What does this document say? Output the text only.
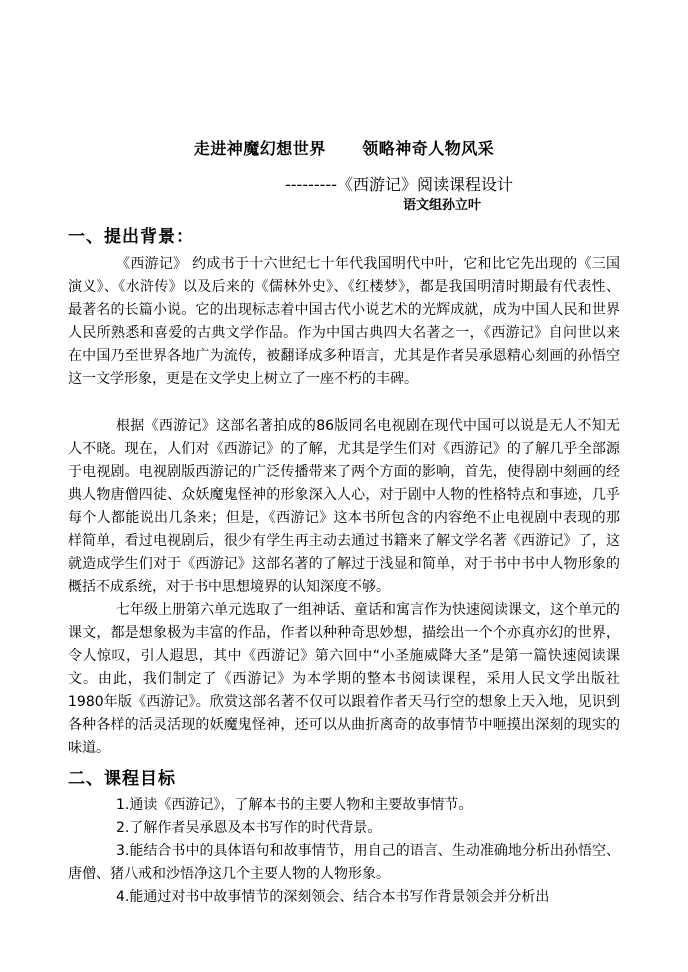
走进神魔幻想世界      领略神奇人物风采
---------《西游记》阅读课程设计
语文组孙立叶
一、提出背景：

《西游记》 约成书于十六世纪七十年代我国明代中叶，它和比它先出现的《三国演义》、《水浒传》以及后来的《儒林外史》、《红楼梦》，都是我国明清时期最有代表性、最著名的长篇小说。它的出现标志着中国古代小说艺术的光辉成就，成为中国人民和世界人民所熟悉和喜爱的古典文学作品。作为中国古典四大名著之一，《西游记》自问世以来在中国乃至世界各地广为流传，被翻译成多种语言，尤其是作者吴承恩精心刻画的孙悟空这一文学形象，更是在文学史上树立了一座不朽的丰碑。

根据《西游记》这部名著拍成的86版同名电视剧在现代中国可以说是无人不知无人不晓。现在，人们对《西游记》的了解，尤其是学生们对《西游记》的了解几乎全部源于电视剧。电视剧版西游记的广泛传播带来了两个方面的影响，首先，使得剧中刻画的经典人物唐僧四徒、众妖魔鬼怪神的形象深入人心，对于剧中人物的性格特点和事迹，几乎每个人都能说出几条来；但是，《西游记》这本书所包含的内容绝不止电视剧中表现的那样简单，看过电视剧后，很少有学生再主动去通过书籍来了解文学名著《西游记》了，这就造成学生们对于《西游记》这部名著的了解过于浅显和简单，对于书中书中人物形象的概括不成系统，对于书中思想境界的认知深度不够。

七年级上册第六单元选取了一组神话、童话和寓言作为快速阅读课文，这个单元的课文，都是想象极为丰富的作品，作者以种种奇思妙想，描绘出一个个亦真亦幻的世界，令人惊叹，引人遐思，其中《西游记》第六回中“小圣施威降大圣”是第一篇快速阅读课文。由此，我们制定了《西游记》为本学期的整本书阅读课程，采用人民文学出版社1980年版《西游记》。欣赏这部名著不仅可以跟着作者天马行空的想象上天入地，见识到各种各样的活灵活现的妖魔鬼怪神，还可以从曲折离奇的故事情节中咂摸出深刻的现实的味道。

二、课程目标

1.通读《西游记》，了解本书的主要人物和主要故事情节。

2.了解作者吴承恩及本书写作的时代背景。

3.能结合书中的具体语句和故事情节，用自己的语言、生动准确地分析出孙悟空、唐僧、猪八戒和沙悟净这几个主要人物的人物形象。

4.能通过对书中故事情节的深刻领会、结合本书写作背景领会并分析出
